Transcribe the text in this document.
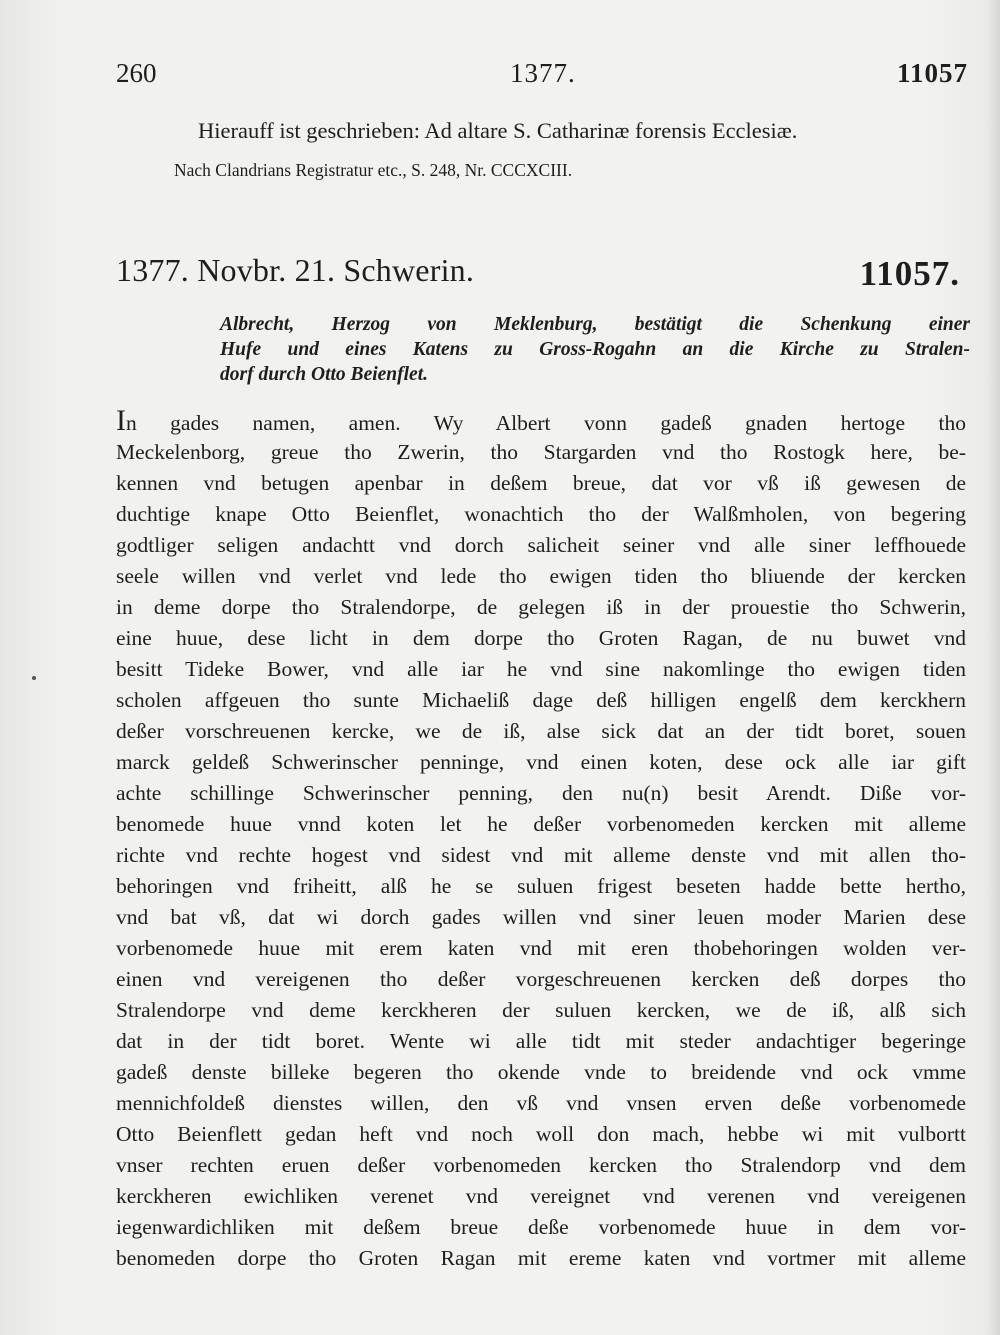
260	1377.	11057
Hierauff ist geschrieben: Ad altare S. Catharinæ forensis Ecclesiæ.
Nach Clandrians Registratur etc., S. 248, Nr. CCCXCIII.
1377. Novbr. 21. Schwerin.	11057.
Albrecht, Herzog von Meklenburg, bestätigt die Schenkung einer
Hufe und eines Katens zu Gross-Rogahn an die Kirche zu Stralen-
dorf durch Otto Beienflet.
In gades namen, amen. Wy Albert vonn gadeß gnaden hertoge tho
Meckelenborg, greue tho Zwerin, tho Stargarden vnd tho Rostogk here, be-
kennen vnd betugen apenbar in deßem breue, dat vor vß iß gewesen de
duchtige knape Otto Beienflet, wonachtich tho der Walßmholen, von begering
godtliger seligen andachtt vnd dorch salicheit seiner vnd alle siner leffhouede
seele willen vnd verlet vnd lede tho ewigen tiden tho bliuende der kercken
in deme dorpe tho Stralendorpe, de gelegen iß in der prouestie tho Schwerin,
eine huue, dese licht in dem dorpe tho Groten Ragan, de nu buwet vnd
besitt Tideke Bower, vnd alle iar he vnd sine nakomlinge tho ewigen tiden
scholen affgeuen tho sunte Michaeliß dage deß hilligen engelß dem kerckhern
deßer vorschreuenen kercke, we de iß, alse sick dat an der tidt boret, souen
marck geldeß Schwerinscher penninge, vnd einen koten, dese ock alle iar gift
achte schillinge Schwerinscher penning, den nu(n) besit Arendt. Diße vor-
benomede huue vnnd koten let he deßer vorbenomeden kercken mit alleme
richte vnd rechte hogest vnd sidest vnd mit alleme denste vnd mit allen tho-
behoringen vnd friheitt, alß he se suluen frigest beseten hadde bette hertho,
vnd bat vß, dat wi dorch gades willen vnd siner leuen moder Marien dese
vorbenomede huue mit erem katen vnd mit eren thobehoringen wolden ver-
einen vnd vereigenen tho deßer vorgeschreuenen kercken deß dorpes tho
Stralendorpe vnd deme kerckheren der suluen kercken, we de iß, alß sich
dat in der tidt boret. Wente wi alle tidt mit steder andachtiger begeringe
gadeß denste billeke begeren tho okende vnde to breidende vnd ock vmme
mennichfoldeß dienstes willen, den vß vnd vnsen erven deße vorbenomede
Otto Beienflett gedan heft vnd noch woll don mach, hebbe wi mit vulbortt
vnser rechten eruen deßer vorbenomeden kercken tho Stralendorp vnd dem
kerckheren ewichliken verenet vnd vereignet vnd verenen vnd vereigenen
iegenwardichliken mit deßem breue deße vorbenomede huue in dem vor-
benomeden dorpe tho Groten Ragan mit ereme katen vnd vortmer mit alleme
